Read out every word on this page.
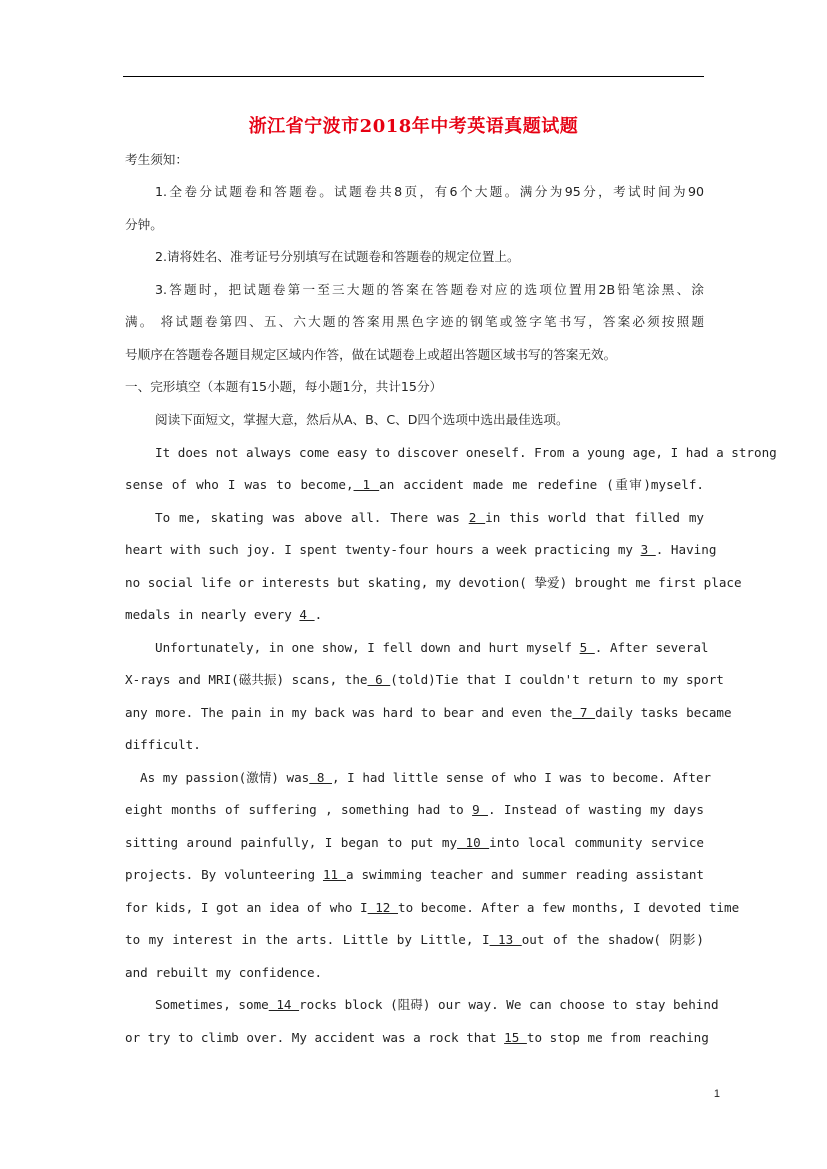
浙江省宁波市2018年中考英语真题试题
考生须知：
1.全卷分试题卷和答题卷。试题卷共8页，有6个大题。满分为95分，考试时间为90
分钟。
2.请将姓名、准考证号分别填写在试题卷和答题卷的规定位置上。
3.答题时，把试题卷第一至三大题的答案在答题卷对应的选项位置用2B铅笔涂黑、涂
满。 将试题卷第四、五、六大题的答案用黑色字迹的钢笔或签字笔书写，答案必须按照题
号顺序在答题卷各题目规定区域内作答，做在试题卷上或超出答题区域书写的答案无效。
一、完形填空（本题有15小题，每小题1分，共计15分）
阅读下面短文，掌握大意，然后从A、B、C、D四个选项中选出最佳选项。
It does not always come easy to discover oneself. From a young age, I had a strong
sense of who I was to become, 1 an accident made me redefine (重审)myself.
To me, skating was above all. There was 2 in this world that filled my
heart with such joy. I spent twenty-four hours a week practicing my 3 . Having
no social life or interests but skating, my devotion( 挚爱) brought me first place
medals in nearly every 4 .
Unfortunately, in one show, I fell down and hurt myself 5 . After several
X-rays and MRI(磁共振) scans, the 6 (told)Tie that I couldn't return to my sport
any more. The pain in my back was hard to bear and even the 7 daily tasks became
difficult.
As my passion(激情) was 8 , I had little sense of who I was to become. After
eight months of suffering , something had to 9 . Instead of wasting my days
sitting around painfully, I began to put my 10 into local community service
projects. By volunteering 11 a swimming teacher and summer reading assistant
for kids, I got an idea of who I 12 to become. After a few months, I devoted time
to my interest in the arts. Little by Little, I 13 out of the shadow( 阴影)
and rebuilt my confidence.
Sometimes, some 14 rocks block (阻碍) our way. We can choose to stay behind
or try to climb over. My accident was a rock that 15 to stop me from reaching
1
